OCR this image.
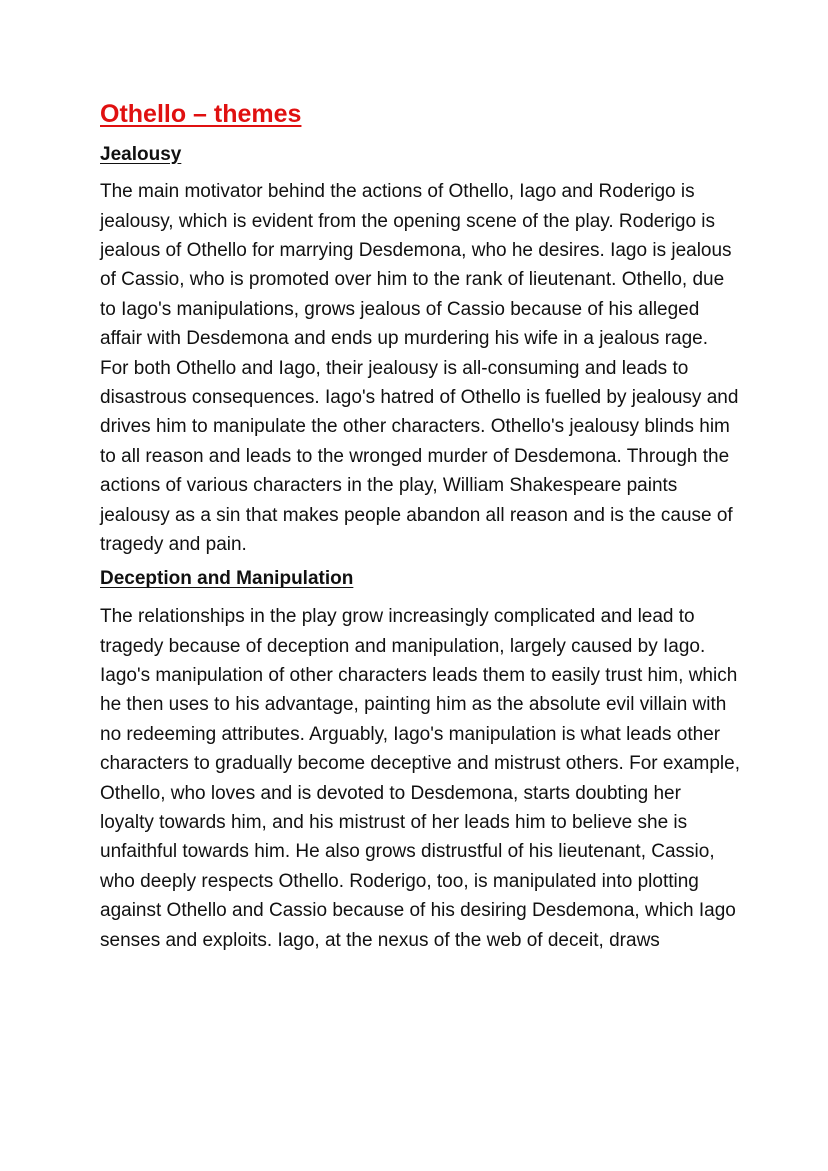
Othello – themes
Jealousy

The main motivator behind the actions of Othello, Iago and Roderigo is jealousy, which is evident from the opening scene of the play. Roderigo is jealous of Othello for marrying Desdemona, who he desires. Iago is jealous of Cassio, who is promoted over him to the rank of lieutenant. Othello, due to Iago's manipulations, grows jealous of Cassio because of his alleged affair with Desdemona and ends up murdering his wife in a jealous rage. For both Othello and Iago, their jealousy is all-consuming and leads to disastrous consequences. Iago's hatred of Othello is fuelled by jealousy and drives him to manipulate the other characters. Othello's jealousy blinds him to all reason and leads to the wronged murder of Desdemona. Through the actions of various characters in the play, William Shakespeare paints jealousy as a sin that makes people abandon all reason and is the cause of tragedy and pain.

Deception and Manipulation

The relationships in the play grow increasingly complicated and lead to tragedy because of deception and manipulation, largely caused by Iago. Iago's manipulation of other characters leads them to easily trust him, which he then uses to his advantage, painting him as the absolute evil villain with no redeeming attributes. Arguably, Iago's manipulation is what leads other characters to gradually become deceptive and mistrust others. For example, Othello, who loves and is devoted to Desdemona, starts doubting her loyalty towards him, and his mistrust of her leads him to believe she is unfaithful towards him. He also grows distrustful of his lieutenant, Cassio, who deeply respects Othello. Roderigo, too, is manipulated into plotting against Othello and Cassio because of his desiring Desdemona, which Iago senses and exploits. Iago, at the nexus of the web of deceit, draws
